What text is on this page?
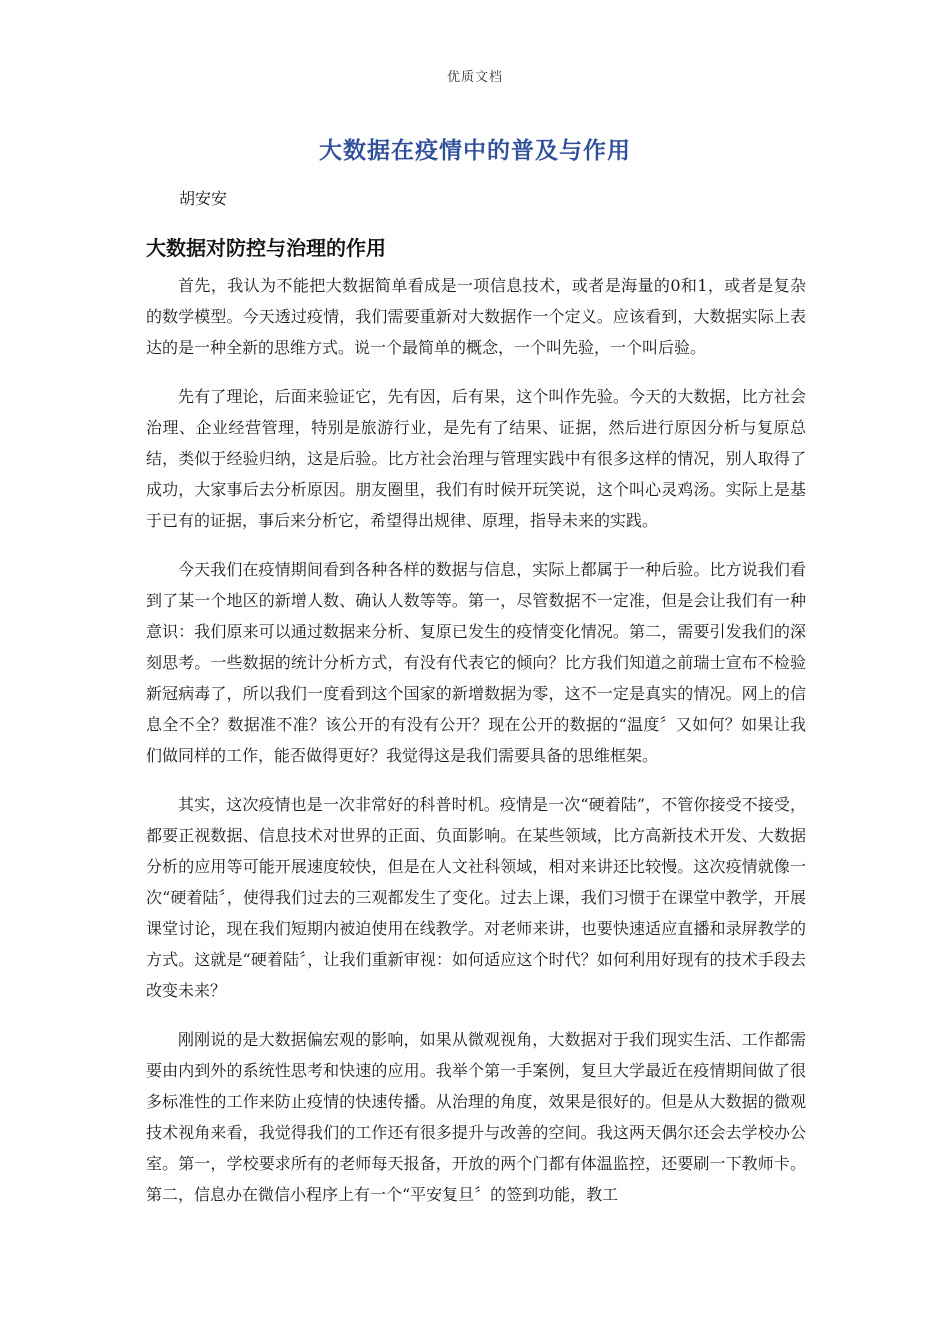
优质文档
大数据在疫情中的普及与作用
胡安安
大数据对防控与治理的作用

首先，我认为不能把大数据简单看成是一项信息技术，或者是海量的0和1，或者是复杂的数学模型。今天透过疫情，我们需要重新对大数据作一个定义。应该看到，大数据实际上表达的是一种全新的思维方式。说一个最简单的概念，一个叫先验，一个叫后验。

先有了理论，后面来验证它，先有因，后有果，这个叫作先验。今天的大数据，比方社会治理、企业经营管理，特别是旅游行业，是先有了结果、证据，然后进行原因分析与复原总结，类似于经验归纳，这是后验。比方社会治理与管理实践中有很多这样的情况，别人取得了成功，大家事后去分析原因。朋友圈里，我们有时候开玩笑说，这个叫心灵鸡汤。实际上是基于已有的证据，事后来分析它，希望得出规律、原理，指导未来的实践。

今天我们在疫情期间看到各种各样的数据与信息，实际上都属于一种后验。比方说我们看到了某一个地区的新增人数、确认人数等等。第一，尽管数据不一定准，但是会让我们有一种意识：我们原来可以通过数据来分析、复原已发生的疫情变化情况。第二，需要引发我们的深刻思考。一些数据的统计分析方式，有没有代表它的倾向？比方我们知道之前瑞士宣布不检验新冠病毒了，所以我们一度看到这个国家的新增数据为零，这不一定是真实的情况。网上的信息全不全？数据准不准？该公开的有没有公开？现在公开的数据的“温度〞又如何？如果让我们做同样的工作，能否做得更好？我觉得这是我们需要具备的思维框架。

其实，这次疫情也是一次非常好的科普时机。疫情是一次“硬着陆”，不管你接受不接受，都要正视数据、信息技术对世界的正面、负面影响。在某些领域，比方高新技术开发、大数据分析的应用等可能开展速度较快，但是在人文社科领域，相对来讲还比较慢。这次疫情就像一次“硬着陆〞，使得我们过去的三观都发生了变化。过去上课，我们习惯于在课堂中教学，开展课堂讨论，现在我们短期内被迫使用在线教学。对老师来讲，也要快速适应直播和录屏教学的方式。这就是“硬着陆〞，让我们重新审视：如何适应这个时代？如何利用好现有的技术手段去改变未来？

刚刚说的是大数据偏宏观的影响，如果从微观视角，大数据对于我们现实生活、工作都需要由内到外的系统性思考和快速的应用。我举个第一手案例，复旦大学最近在疫情期间做了很多标准性的工作来防止疫情的快速传播。从治理的角度，效果是很好的。但是从大数据的微观技术视角来看，我觉得我们的工作还有很多提升与改善的空间。我这两天偶尔还会去学校办公室。第一，学校要求所有的老师每天报备，开放的两个门都有体温监控，还要刷一下教师卡。第二，信息办在微信小程序上有一个“平安复旦〞的签到功能，教工
